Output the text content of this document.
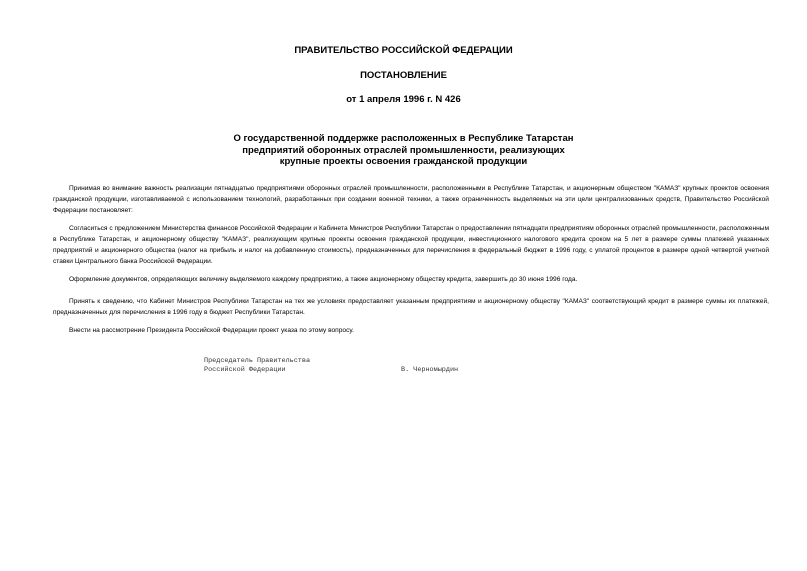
ПРАВИТЕЛЬСТВО РОССИЙСКОЙ ФЕДЕРАЦИИ

ПОСТАНОВЛЕНИЕ

от 1 апреля 1996 г. N 426

О государственной поддержке расположенных в Республике Татарстан
предприятий оборонных отраслей промышленности, реализующих
крупные проекты освоения гражданской продукции

Принимая во внимание важность реализации пятнадцатью предприятиями оборонных отраслей промышленности, расположенными в Республике Татарстан, и акционерным обществом "КАМАЗ" крупных проектов освоения гражданской продукции, изготавливаемой с использованием технологий, разработанных при создании военной техники, а также ограниченность выделяемых на эти цели централизованных средств, Правительство Российской Федерации постановляет:

Согласиться с предложением Министерства финансов Российской Федерации и Кабинета Министров Республики Татарстан о предоставлении пятнадцати предприятиям оборонных отраслей промышленности, расположенным в Республике Татарстан, и акционерному обществу "КАМАЗ", реализующим крупные проекты освоения гражданской продукции, инвестиционного налогового кредита сроком на 5 лет в размере суммы платежей указанных предприятий и акционерного общества (налог на прибыль и налог на добавленную стоимость), предназначенных для перечисления в федеральный бюджет в 1996 году, с уплатой процентов в размере одной четвертой учетной ставки Центрального банка Российской Федерации.

Оформление документов, определяющих величину выделяемого каждому предприятию, а также акционерному обществу кредита, завершить до 30 июня 1996 года.

Принять к сведению, что Кабинет Министров Республики Татарстан на тех же условиях предоставляет указанным предприятиям и акционерному обществу "КАМАЗ" соответствующий кредит в размере суммы их платежей, предназначенных для перечисления в 1996 году в бюджет Республики Татарстан.

Внести на рассмотрение Президента Российской Федерации проект указа по этому вопросу.

Председатель Правительства
Российской Федерации	В. Черномырдин
